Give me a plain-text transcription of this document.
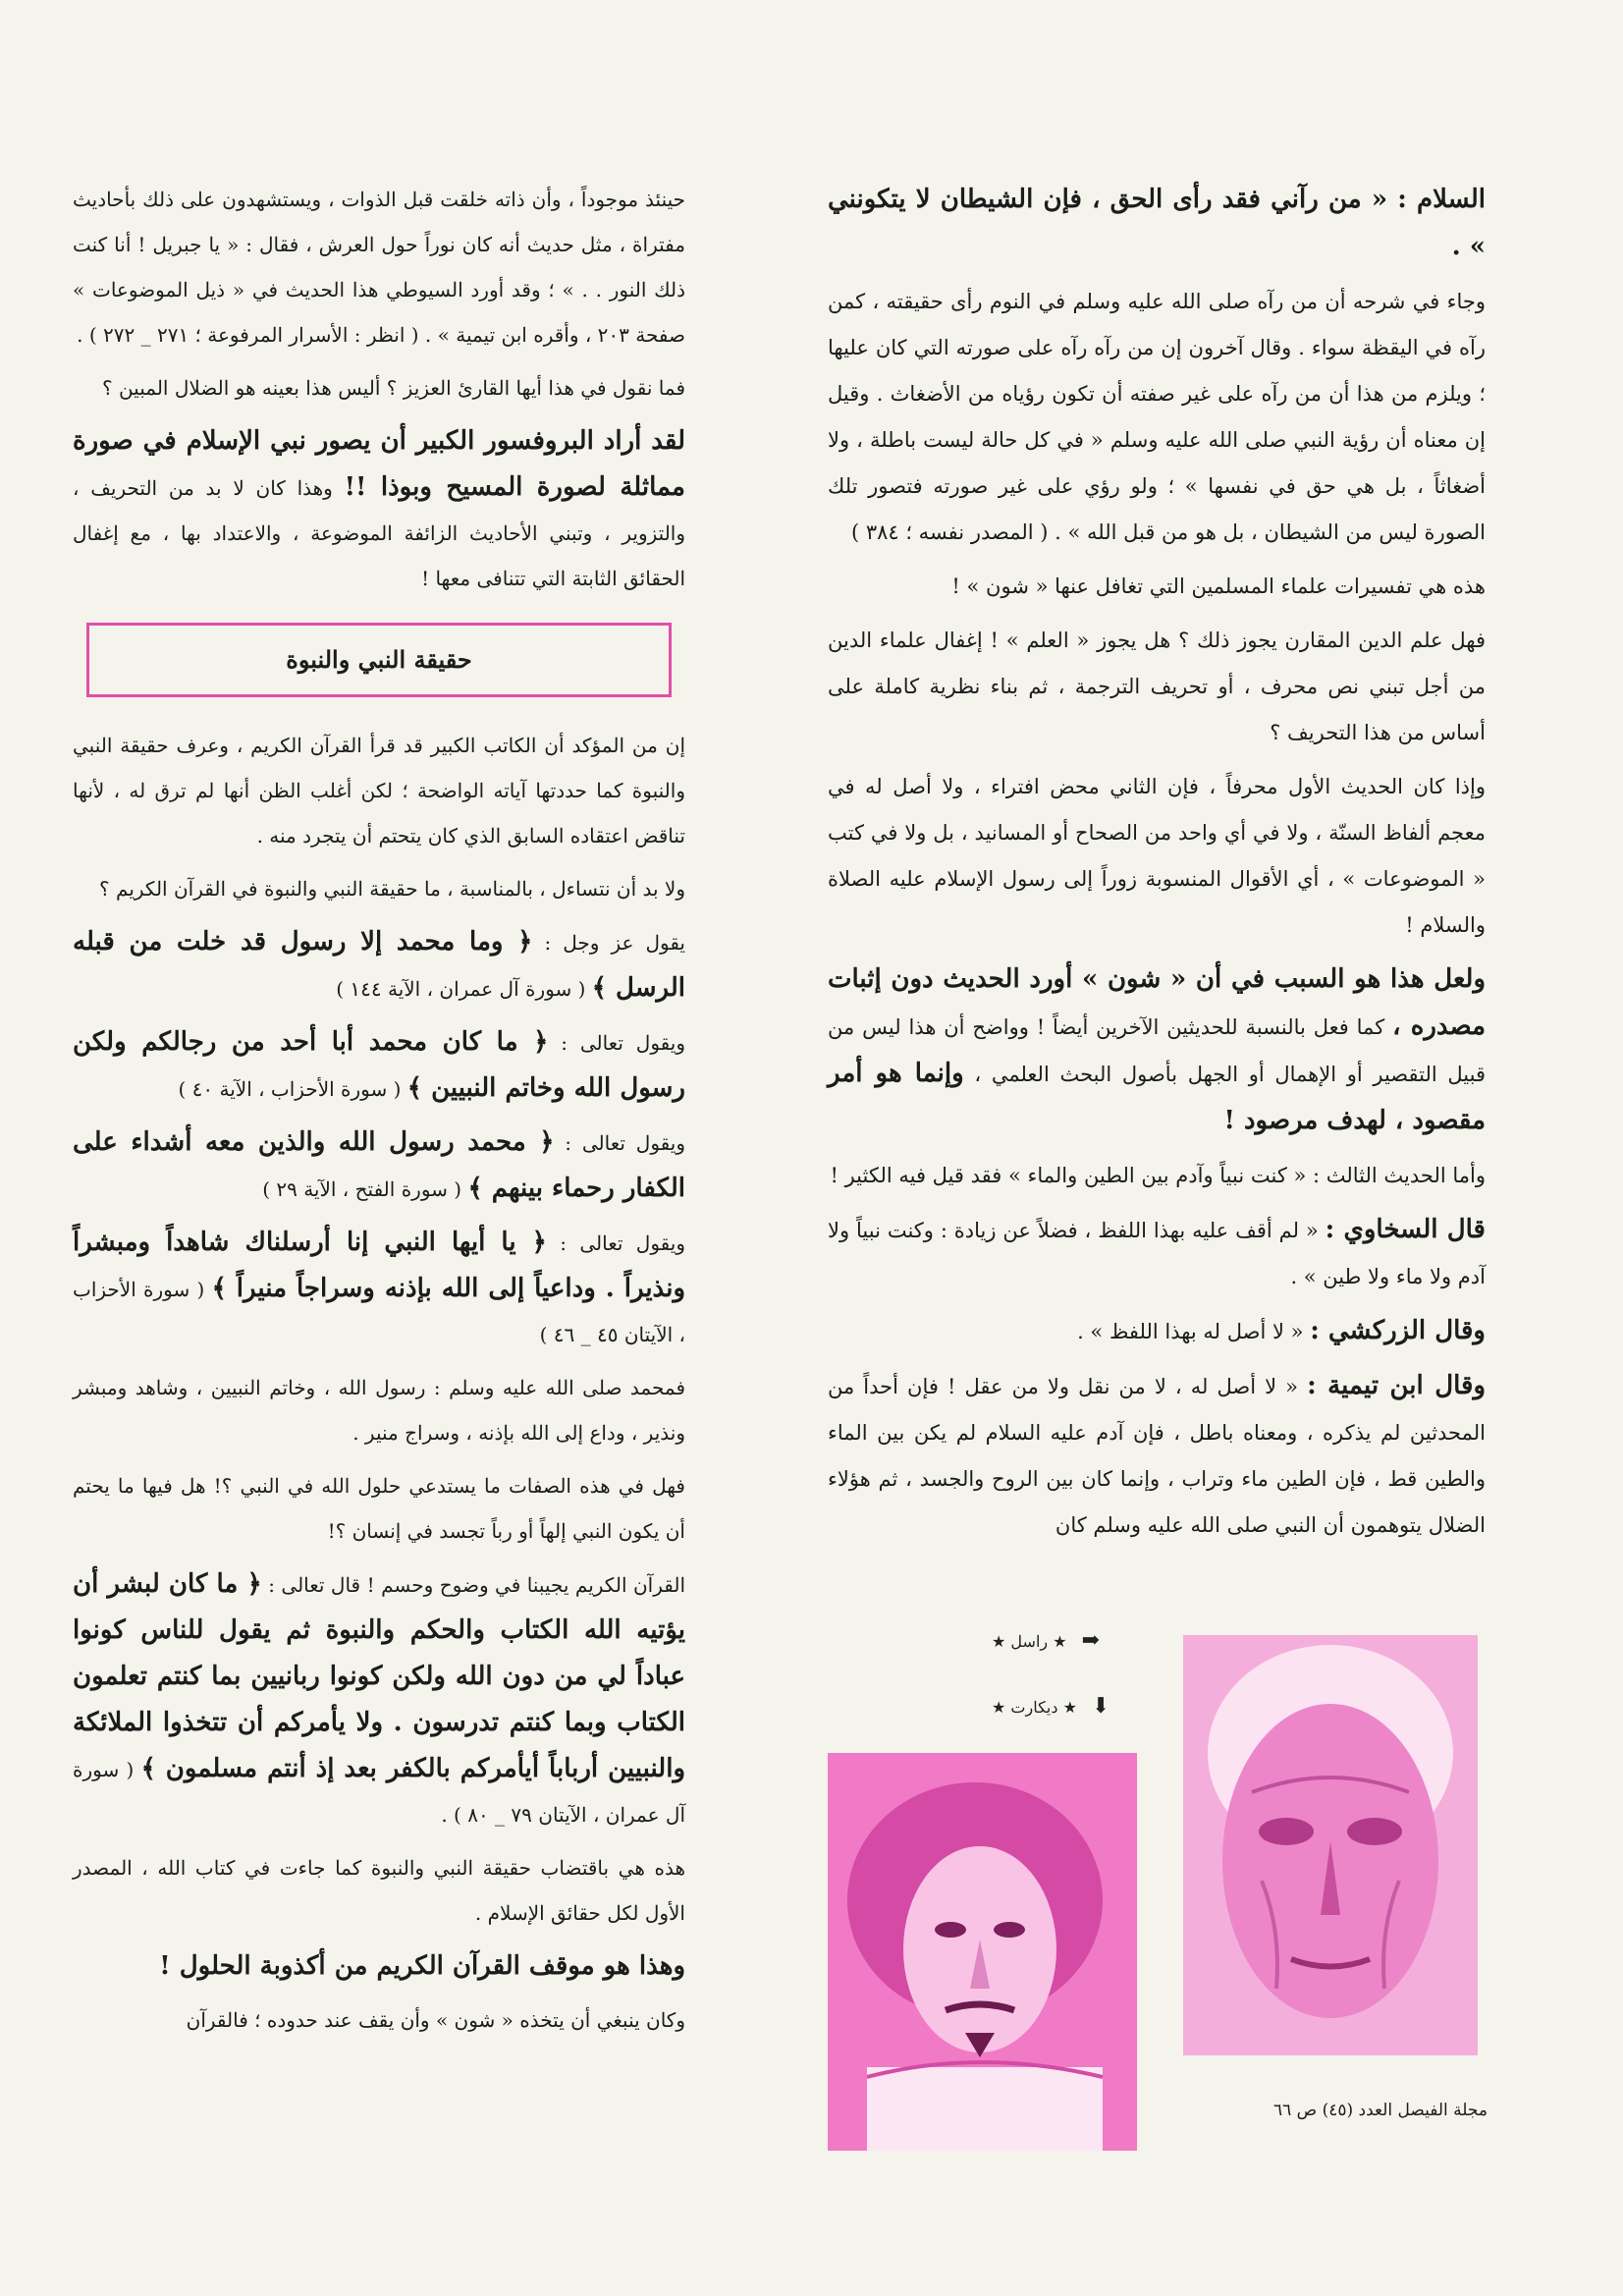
السلام : « من رآني فقد رأى الحق ، فإن الشيطان لا يتكونني » .

وجاء في شرحه أن من رآه صلى الله عليه وسلم في النوم رأى حقيقته ، كمن رآه في اليقظة سواء . وقال آخرون إن من رآه رآه على صورته التي كان عليها ؛ ويلزم من هذا أن من رآه على غير صفته أن تكون رؤياه من الأضغاث . وقيل إن معناه أن رؤية النبي صلى الله عليه وسلم « في كل حالة ليست باطلة ، ولا أضغاثاً ، بل هي حق في نفسها » ؛ ولو رؤي على غير صورته فتصور تلك الصورة ليس من الشيطان ، بل هو من قبل الله » . ( المصدر نفسه ؛ ٣٨٤ )

هذه هي تفسيرات علماء المسلمين التي تغافل عنها « شون » !

فهل علم الدين المقارن يجوز ذلك ؟ هل يجوز « العلم » ! إغفال علماء الدين من أجل تبني نص محرف ، أو تحريف الترجمة ، ثم بناء نظرية كاملة على أساس من هذا التحريف ؟

وإذا كان الحديث الأول محرفاً ، فإن الثاني محض افتراء ، ولا أصل له في معجم ألفاظ السنّة ، ولا في أي واحد من الصحاح أو المسانيد ، بل ولا في كتب « الموضوعات » ، أي الأقوال المنسوبة زوراً إلى رسول الإسلام عليه الصلاة والسلام !

ولعل هذا هو السبب في أن « شون » أورد الحديث دون إثبات مصدره ، كما فعل بالنسبة للحديثين الآخرين أيضاً ! وواضح أن هذا ليس من قبيل التقصير أو الإهمال أو الجهل بأصول البحث العلمي ، وإنما هو أمر مقصود ، لهدف مرصود !

وأما الحديث الثالث : « كنت نبياً وآدم بين الطين والماء » فقد قيل فيه الكثير !

قال السخاوي : « لم أقف عليه بهذا اللفظ ، فضلاً عن زيادة : وكنت نبياً ولا آدم ولا ماء ولا طين » .

وقال الزركشي : « لا أصل له بهذا اللفظ » .

وقال ابن تيمية : « لا أصل له ، لا من نقل ولا من عقل ! فإن أحداً من المحدثين لم يذكره ، ومعناه باطل ، فإن آدم عليه السلام لم يكن بين الماء والطين قط ، فإن الطين ماء وتراب ، وإنما كان بين الروح والجسد ، ثم هؤلاء الضلال يتوهمون أن النبي صلى الله عليه وسلم كان

حينئذ موجوداً ، وأن ذاته خلقت قبل الذوات ، ويستشهدون على ذلك بأحاديث مفتراة ، مثل حديث أنه كان نوراً حول العرش ، فقال : « يا جبريل ! أنا كنت ذلك النور . . » ؛ وقد أورد السيوطي هذا الحديث في « ذيل الموضوعات » صفحة ٢٠٣ ، وأقره ابن تيمية » . ( انظر : الأسرار المرفوعة ؛ ٢٧١ _ ٢٧٢ ) .

فما نقول في هذا أيها القارئ العزيز ؟ أليس هذا بعينه هو الضلال المبين ؟

لقد أراد البروفسور الكبير أن يصور نبي الإسلام في صورة مماثلة لصورة المسيح وبوذا !! وهذا كان لا بد من التحريف ، والتزوير ، وتبني الأحاديث الزائفة الموضوعة ، والاعتداد بها ، مع إغفال الحقائق الثابتة التي تتنافى معها !

حقيقة النبي والنبوة

إن من المؤكد أن الكاتب الكبير قد قرأ القرآن الكريم ، وعرف حقيقة النبي والنبوة كما حددتها آياته الواضحة ؛ لكن أغلب الظن أنها لم ترق له ، لأنها تناقض اعتقاده السابق الذي كان يتحتم أن يتجرد منه .

ولا بد أن نتساءل ، بالمناسبة ، ما حقيقة النبي والنبوة في القرآن الكريم ؟

يقول عز وجل : ﴿ وما محمد إلا رسول قد خلت من قبله الرسل ﴾ ( سورة آل عمران ، الآية ١٤٤ )

ويقول تعالى : ﴿ ما كان محمد أبا أحد من رجالكم ولكن رسول الله وخاتم النبيين ﴾ ( سورة الأحزاب ، الآية ٤٠ )

ويقول تعالى : ﴿ محمد رسول الله والذين معه أشداء على الكفار رحماء بينهم ﴾ ( سورة الفتح ، الآية ٢٩ )

ويقول تعالى : ﴿ يا أيها النبي إنا أرسلناك شاهداً ومبشراً ونذيراً . وداعياً إلى الله بإذنه وسراجاً منيراً ﴾ ( سورة الأحزاب ، الآيتان ٤٥ _ ٤٦ )

فمحمد صلى الله عليه وسلم : رسول الله ، وخاتم النبيين ، وشاهد ومبشر ونذير ، وداع إلى الله بإذنه ، وسراج منير .

فهل في هذه الصفات ما يستدعي حلول الله في النبي ؟! هل فيها ما يحتم أن يكون النبي إلهاً أو رباً تجسد في إنسان ؟!

القرآن الكريم يجيبنا في وضوح وحسم ! قال تعالى : ﴿ ما كان لبشر أن يؤتيه الله الكتاب والحكم والنبوة ثم يقول للناس كونوا عباداً لي من دون الله ولكن كونوا ربانيين بما كنتم تعلمون الكتاب وبما كنتم تدرسون . ولا يأمركم أن تتخذوا الملائكة والنبيين أرباباً أيأمركم بالكفر بعد إذ أنتم مسلمون ﴾ ( سورة آل عمران ، الآيتان ٧٩ _ ٨٠ ) .

هذه هي باقتضاب حقيقة النبي والنبوة كما جاءت في كتاب الله ، المصدر الأول لكل حقائق الإسلام .

وهذا هو موقف القرآن الكريم من أكذوبة الحلول !

وكان ينبغي أن يتخذه « شون » وأن يقف عند حدوده ؛ فالقرآن

➡ ★ راسل ★
⬇ ★ ديكارت ★
مجلة الفيصل العدد (٤٥) ص ٦٦
